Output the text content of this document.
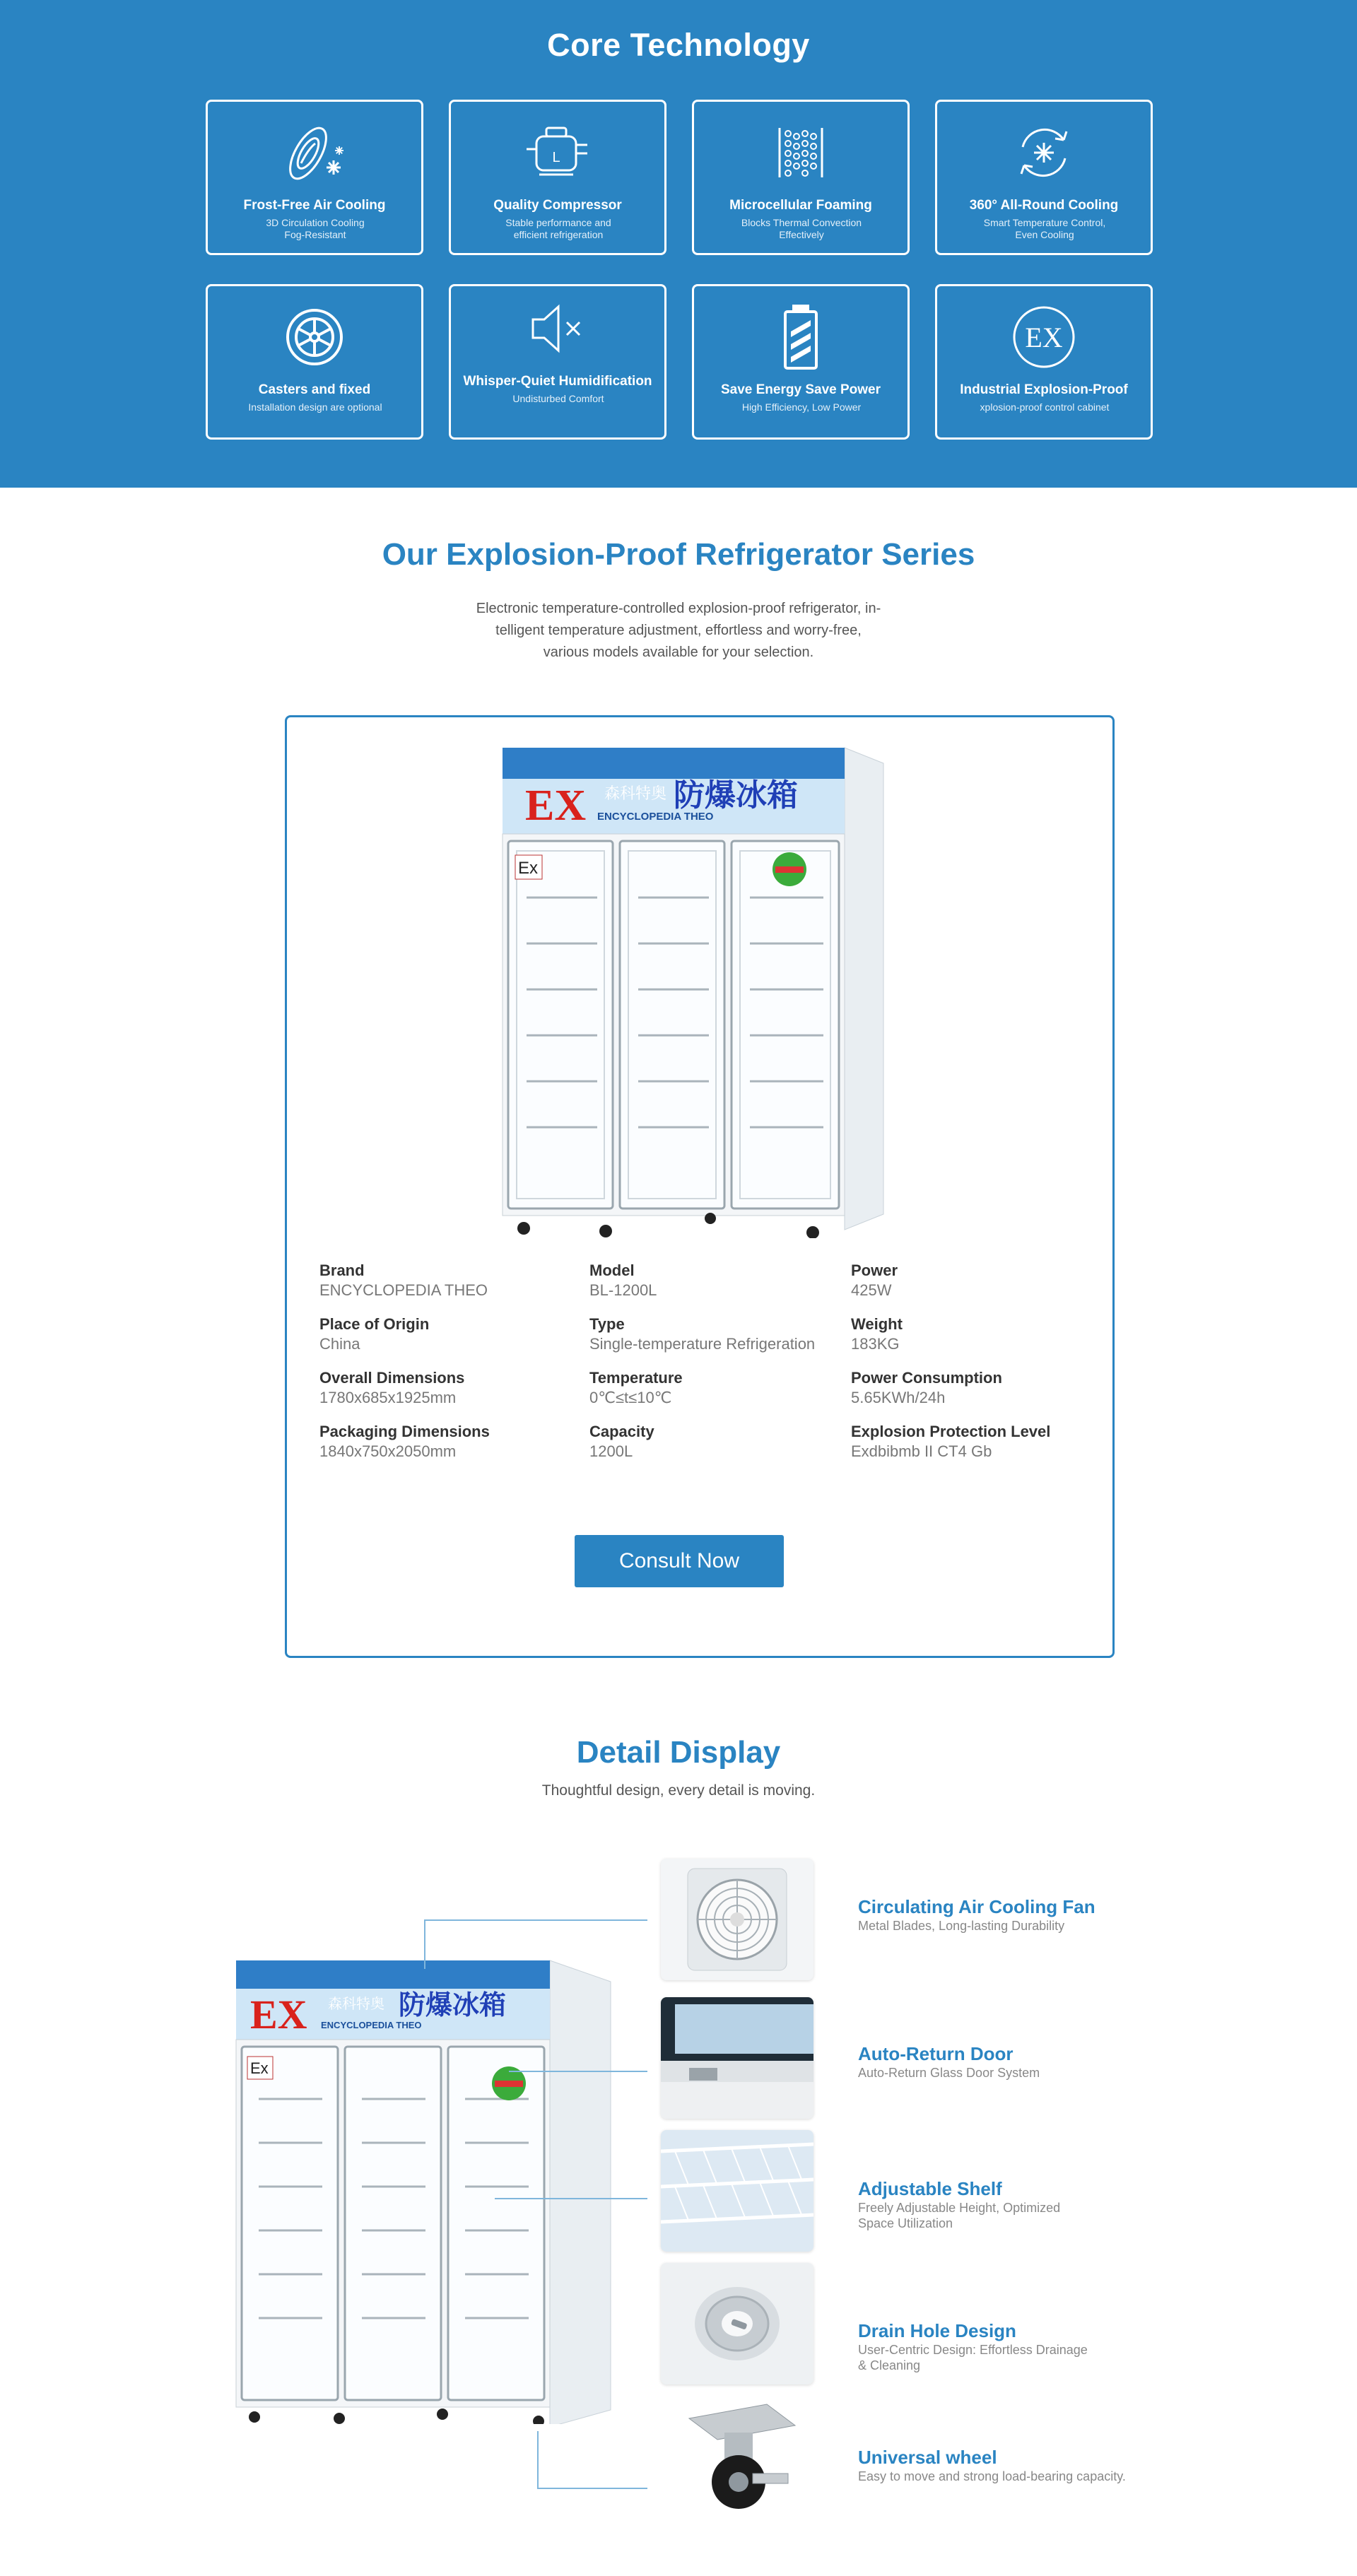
Core Technology
Frost-Free Air Cooling
3D Circulation Cooling
Fog-Resistant
L
Quality Compressor
Stable performance and
efficient refrigeration
Microcellular Foaming
Blocks Thermal Convection
Effectively
360° All-Round Cooling
Smart Temperature Control,
Even Cooling
Casters and fixed
Installation design are optional
Whisper-Quiet Humidification
Undisturbed Comfort
Save Energy Save Power
High Efficiency, Low Power
EX
Industrial Explosion-Proof
xplosion-proof control cabinet
Our Explosion-Proof Refrigerator Series

Electronic temperature-controlled explosion-proof refrigerator, in-
telligent temperature adjustment, effortless and worry-free,
various models available for your selection.

EX 森科特奥
ENCYCLOPEDIA THEO
防爆冰箱
Ex
Brand
ENCYCLOPEDIA THEO
Model
BL-1200L
Power
425W
Place of Origin
China
Type
Single-temperature Refrigeration
Weight
183KG
Overall Dimensions
1780x685x1925mm
Temperature
0℃≤t≤10℃
Power Consumption
5.65KWh/24h
Packaging Dimensions
1840x750x2050mm
Capacity
1200L
Explosion Protection Level
Exdbibmb II CT4 Gb
Consult Now
Detail Display

Thoughtful design, every detail is moving.

EX 森科特奥
ENCYCLOPEDIA THEO
防爆冰箱
Ex
Circulating Air Cooling Fan
Metal Blades, Long-lasting Durability
Auto-Return Door
Auto-Return Glass Door System
Adjustable Shelf
Freely Adjustable Height, Optimized
Space Utilization
Drain Hole Design
User-Centric Design: Effortless Drainage
& Cleaning
Universal wheel
Easy to move and strong load-bearing capacity.
